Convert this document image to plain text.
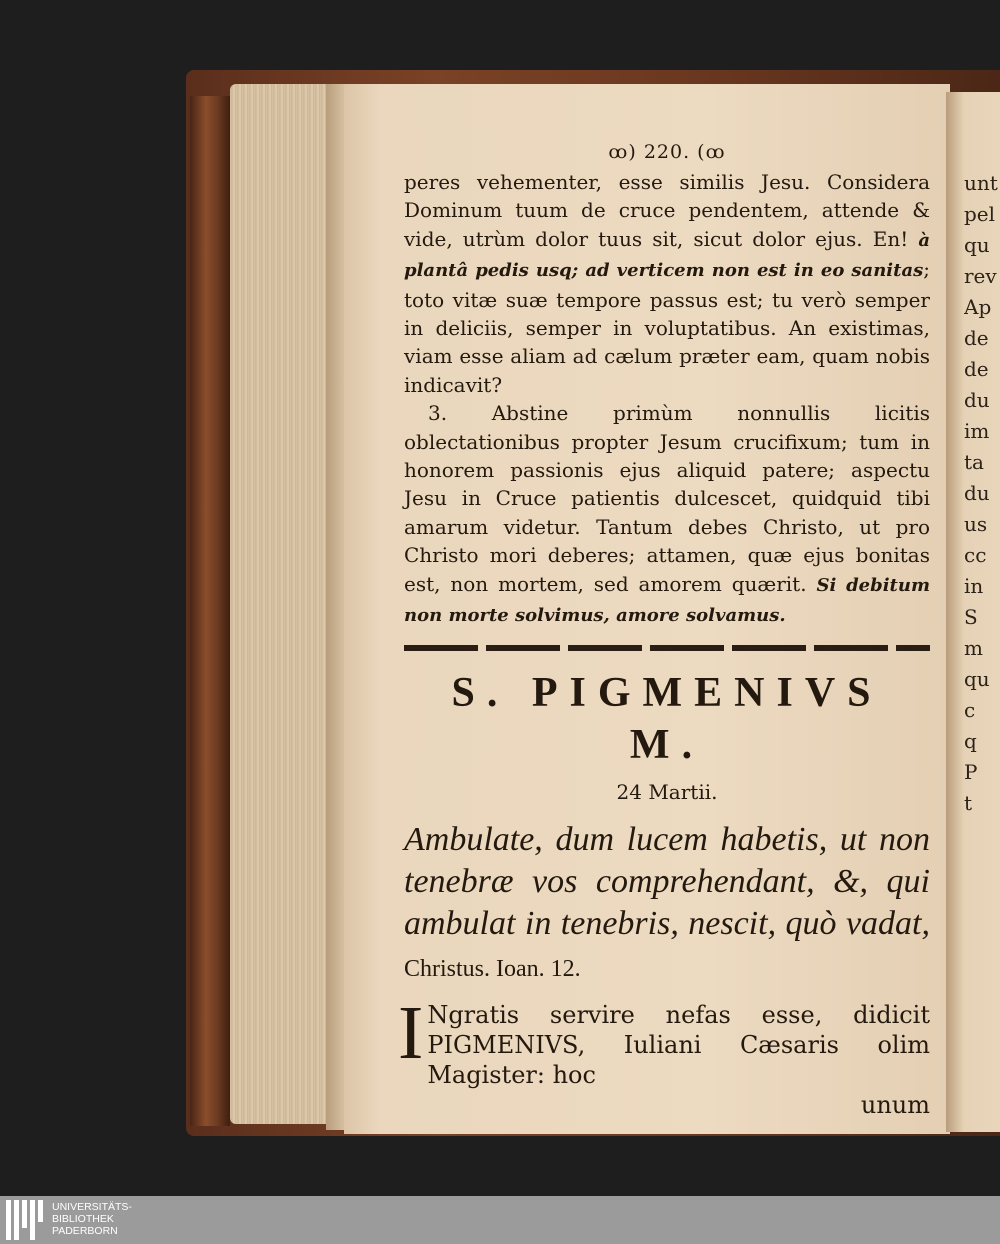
unt
pel
qu
rev
Ap
de
de
du
im
ta
du
us
cc
in
S
m
qu
c
q
P
t
ꝏ) 220. (ꝏ

peres vehementer, esse similis Jesu. Considera Dominum tuum de cruce pendentem, attende & vide, utrùm dolor tuus sit, sicut dolor ejus. En! à plantâ pedis usq; ad verticem non est in eo sanitas; toto vitæ suæ tempore passus est; tu verò semper in deliciis, semper in voluptatibus. An existimas, viam esse aliam ad cælum præter eam, quam nobis indicavit?

3. Abstine primùm nonnullis licitis oblectationibus propter Jesum crucifixum; tum in honorem passionis ejus aliquid patere; aspectu Jesu in Cruce patientis dulcescet, quidquid tibi amarum videtur. Tantum debes Christo, ut pro Christo mori deberes; attamen, quæ ejus bonitas est, non mortem, sed amorem quærit. Si debitum non morte solvimus, amore solvamus.

S. PIGMENIVS M.
24 Martii.
Ambulate, dum lucem habetis, ut non tenebræ vos comprehendant, &, qui ambulat in tenebris, nescit, quò vadat, Christus. Ioan. 12.
I Ngratis servire nefas esse, didicit PIGMENIVS, Iuliani Cæsaris olim Magister: hoc
unum
UNIVERSITÄTS-
BIBLIOTHEK
PADERBORN
